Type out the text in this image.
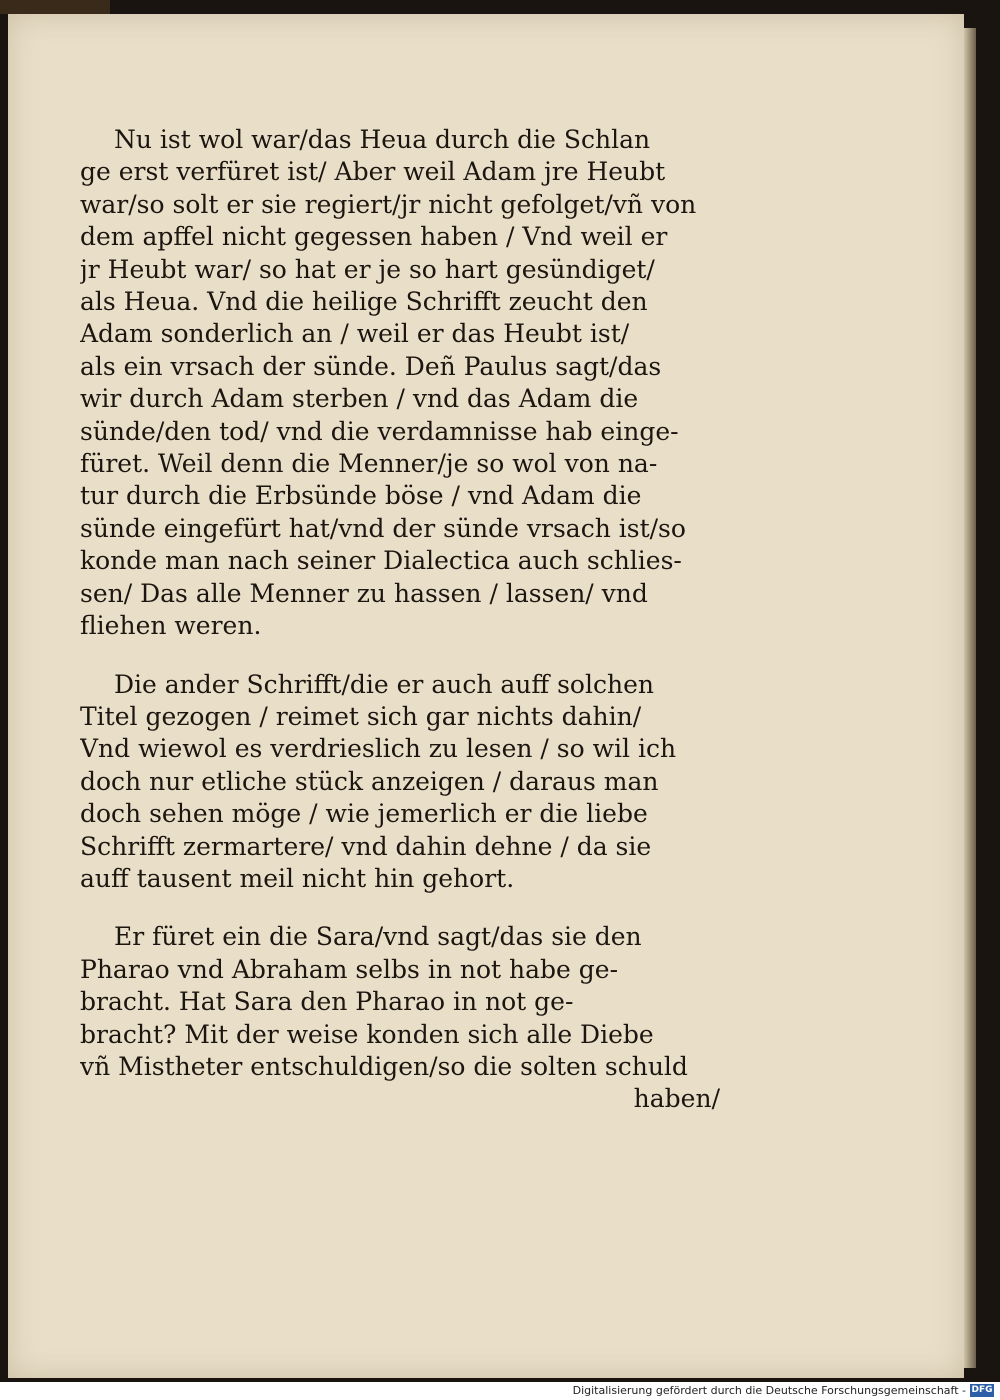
Nu ist wol war/das Heua durch die Schlan
ge erst verfüret ist/ Aber weil Adam jre Heubt
war/so solt er sie regiert/jr nicht gefolget/vñ von
dem apffel nicht gegessen haben / Vnd weil er
jr Heubt war/ so hat er je so hart gesündiget/
als Heua. Vnd die heilige Schrifft zeucht den
Adam sonderlich an / weil er das Heubt ist/
als ein vrsach der sünde. Deñ Paulus sagt/das
wir durch Adam sterben / vnd das Adam die
sünde/den tod/ vnd die verdamnisse hab einge-
füret. Weil denn die Menner/je so wol von na-
tur durch die Erbsünde böse / vnd Adam die
sünde eingefürt hat/vnd der sünde vrsach ist/so
konde man nach seiner Dialectica auch schlies-
sen/ Das alle Menner zu hassen / lassen/ vnd
fliehen weren.
Die ander Schrifft/die er auch auff solchen
Titel gezogen / reimet sich gar nichts dahin/
Vnd wiewol es verdrieslich zu lesen / so wil ich
doch nur etliche stück anzeigen / daraus man
doch sehen möge / wie jemerlich er die liebe
Schrifft zermartere/ vnd dahin dehne / da sie
auff tausent meil nicht hin gehort.
Er füret ein die Sara/vnd sagt/das sie den
Pharao vnd Abraham selbs in not habe ge-
bracht. Hat Sara den Pharao in not ge-
bracht? Mit der weise konden sich alle Diebe
vñ Mistheter entschuldigen/so die solten schuld
haben/
Digitalisierung gefördert durch die Deutsche Forschungsgemeinschaft - DFG
